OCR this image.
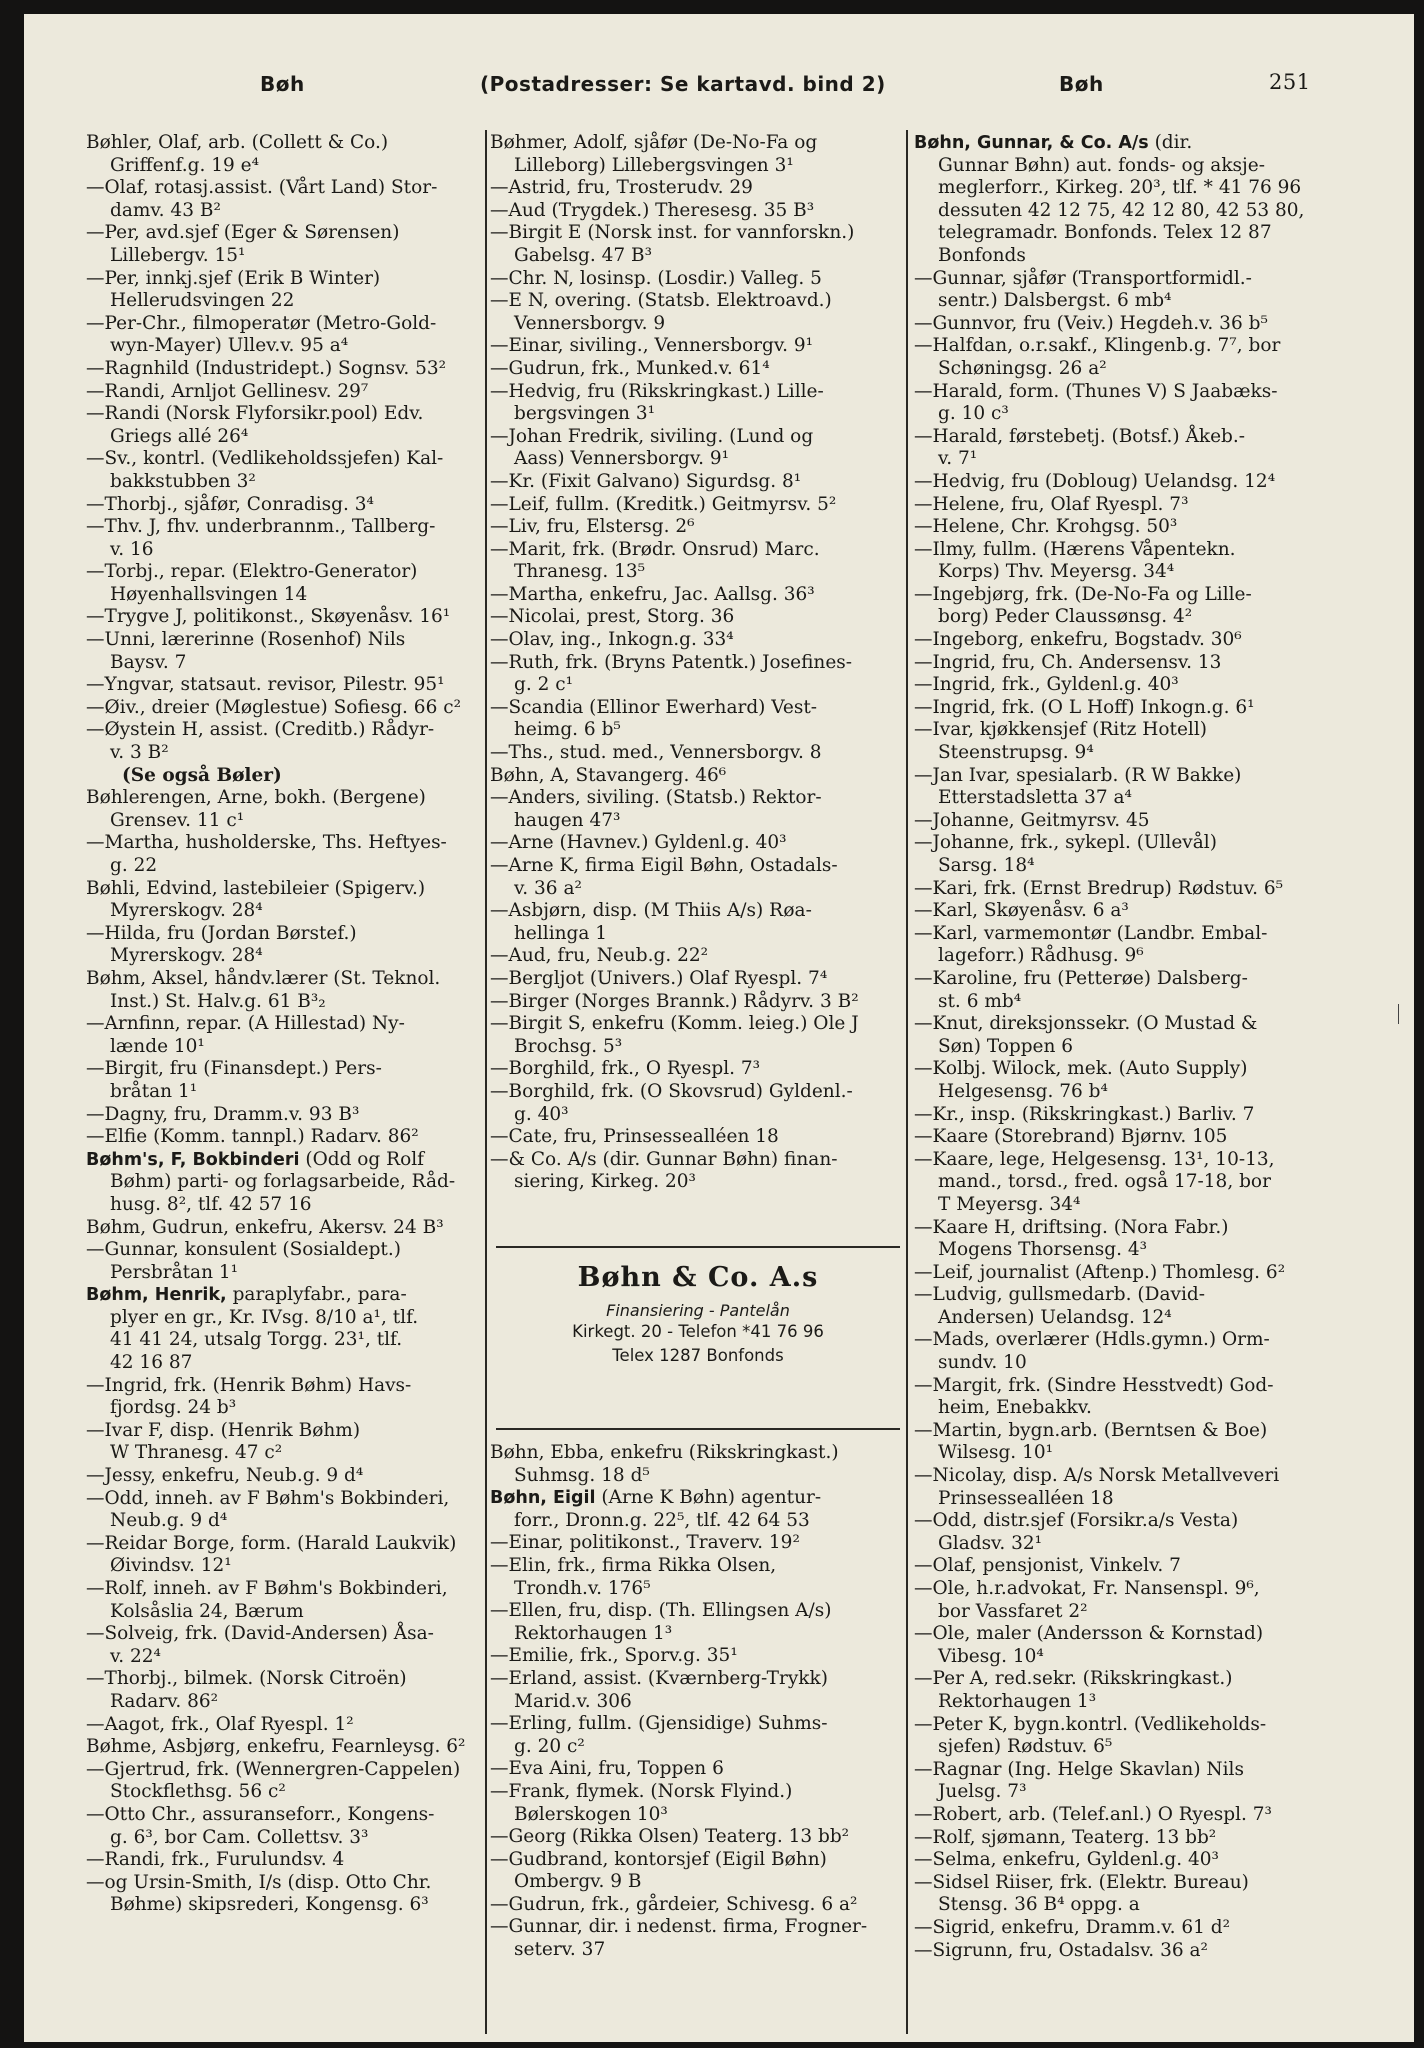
Bøh	(Postadresser: Se kartavd. bind 2)	Bøh	251
Bøhler, Olaf, arb. (Collett & Co.)
Griffenf.g. 19 e⁴
—Olaf, rotasj.assist. (Vårt Land) Stor-
damv. 43 B²
—Per, avd.sjef (Eger & Sørensen)
Lillebergv. 15¹
—Per, innkj.sjef (Erik B Winter)
Hellerudsvingen 22
—Per-Chr., filmoperatør (Metro-Gold-
wyn-Mayer) Ullev.v. 95 a⁴
—Ragnhild (Industridept.) Sognsv. 53²
—Randi, Arnljot Gellinesv. 29⁷
—Randi (Norsk Flyforsikr.pool) Edv.
Griegs allé 26⁴
—Sv., kontrl. (Vedlikeholdssjefen) Kal-
bakkstubben 3²
—Thorbj., sjåfør, Conradisg. 3⁴
—Thv. J, fhv. underbrannm., Tallberg-
v. 16
—Torbj., repar. (Elektro-Generator)
Høyenhallsvingen 14
—Trygve J, politikonst., Skøyenåsv. 16¹
—Unni, lærerinne (Rosenhof) Nils
Baysv. 7
—Yngvar, statsaut. revisor, Pilestr. 95¹
—Øiv., dreier (Møglestue) Sofiesg. 66 c²
—Øystein H, assist. (Creditb.) Rådyr-
v. 3 B²
(Se også Bøler)
Bøhlerengen, Arne, bokh. (Bergene)
Grensev. 11 c¹
—Martha, husholderske, Ths. Heftyes-
g. 22
Bøhli, Edvind, lastebileier (Spigerv.)
Myrerskogv. 28⁴
—Hilda, fru (Jordan Børstef.)
Myrerskogv. 28⁴
Bøhm, Aksel, håndv.lærer (St. Teknol.
Inst.) St. Halv.g. 61 B³₂
—Arnfinn, repar. (A Hillestad) Ny-
lænde 10¹
—Birgit, fru (Finansdept.) Pers-
bråtan 1¹
—Dagny, fru, Dramm.v. 93 B³
—Elfie (Komm. tannpl.) Radarv. 86²
Bøhm's, F, Bokbinderi (Odd og Rolf
Bøhm) parti- og forlagsarbeide, Råd-
husg. 8², tlf. 42 57 16
Bøhm, Gudrun, enkefru, Akersv. 24 B³
—Gunnar, konsulent (Sosialdept.)
Persbråtan 1¹
Bøhm, Henrik, paraplyfabr., para-
plyer en gr., Kr. IVsg. 8/10 a¹, tlf.
41 41 24, utsalg Torgg. 23¹, tlf.
42 16 87
—Ingrid, frk. (Henrik Bøhm) Havs-
fjordsg. 24 b³
—Ivar F, disp. (Henrik Bøhm)
W Thranesg. 47 c²
—Jessy, enkefru, Neub.g. 9 d⁴
—Odd, inneh. av F Bøhm's Bokbinderi,
Neub.g. 9 d⁴
—Reidar Borge, form. (Harald Laukvik)
Øivindsv. 12¹
—Rolf, inneh. av F Bøhm's Bokbinderi,
Kolsåslia 24, Bærum
—Solveig, frk. (David-Andersen) Åsa-
v. 22⁴
—Thorbj., bilmek. (Norsk Citroën)
Radarv. 86²
—Aagot, frk., Olaf Ryespl. 1²
Bøhme, Asbjørg, enkefru, Fearnleysg. 6²
—Gjertrud, frk. (Wennergren-Cappelen)
Stockflethsg. 56 c²
—Otto Chr., assuranseforr., Kongens-
g. 6³, bor Cam. Collettsv. 3³
—Randi, frk., Furulundsv. 4
—og Ursin-Smith, I/s (disp. Otto Chr.
Bøhme) skipsrederi, Kongensg. 6³
Bøhmer, Adolf, sjåfør (De-No-Fa og
Lilleborg) Lillebergsvingen 3¹
—Astrid, fru, Trosterudv. 29
—Aud (Trygdek.) Theresesg. 35 B³
—Birgit E (Norsk inst. for vannforskn.)
Gabelsg. 47 B³
—Chr. N, losinsp. (Losdir.) Valleg. 5
—E N, overing. (Statsb. Elektroavd.)
Vennersborgv. 9
—Einar, siviling., Vennersborgv. 9¹
—Gudrun, frk., Munked.v. 61⁴
—Hedvig, fru (Rikskringkast.) Lille-
bergsvingen 3¹
—Johan Fredrik, siviling. (Lund og
Aass) Vennersborgv. 9¹
—Kr. (Fixit Galvano) Sigurdsg. 8¹
—Leif, fullm. (Kreditk.) Geitmyrsv. 5²
—Liv, fru, Elstersg. 2⁶
—Marit, frk. (Brødr. Onsrud) Marc.
Thranesg. 13⁵
—Martha, enkefru, Jac. Aallsg. 36³
—Nicolai, prest, Storg. 36
—Olav, ing., Inkogn.g. 33⁴
—Ruth, frk. (Bryns Patentk.) Josefines-
g. 2 c¹
—Scandia (Ellinor Ewerhard) Vest-
heimg. 6 b⁵
—Ths., stud. med., Vennersborgv. 8
Bøhn, A, Stavangerg. 46⁶
—Anders, siviling. (Statsb.) Rektor-
haugen 47³
—Arne (Havnev.) Gyldenl.g. 40³
—Arne K, firma Eigil Bøhn, Ostadals-
v. 36 a²
—Asbjørn, disp. (M Thiis A/s) Røa-
hellinga 1
—Aud, fru, Neub.g. 22²
—Bergljot (Univers.) Olaf Ryespl. 7⁴
—Birger (Norges Brannk.) Rådyrv. 3 B²
—Birgit S, enkefru (Komm. leieg.) Ole J
Brochsg. 5³
—Borghild, frk., O Ryespl. 7³
—Borghild, frk. (O Skovsrud) Gyldenl.-
g. 40³
—Cate, fru, Prinsessealléen 18
—& Co. A/s (dir. Gunnar Bøhn) finan-
siering, Kirkeg. 20³
Bøhn, Gunnar, & Co. A/s (dir.
Gunnar Bøhn) aut. fonds- og aksje-
meglerforr., Kirkeg. 20³, tlf. * 41 76 96
dessuten 42 12 75, 42 12 80, 42 53 80,
telegramadr. Bonfonds. Telex 12 87
Bonfonds
—Gunnar, sjåfør (Transportformidl.-
sentr.) Dalsbergst. 6 mb⁴
—Gunnvor, fru (Veiv.) Hegdeh.v. 36 b⁵
—Halfdan, o.r.sakf., Klingenb.g. 7⁷, bor
Schøningsg. 26 a²
—Harald, form. (Thunes V) S Jaabæks-
g. 10 c³
—Harald, førstebetj. (Botsf.) Åkeb.-
v. 7¹
—Hedvig, fru (Dobloug) Uelandsg. 12⁴
—Helene, fru, Olaf Ryespl. 7³
—Helene, Chr. Krohgsg. 50³
—Ilmy, fullm. (Hærens Våpentekn.
Korps) Thv. Meyersg. 34⁴
—Ingebjørg, frk. (De-No-Fa og Lille-
borg) Peder Claussønsg. 4²
—Ingeborg, enkefru, Bogstadv. 30⁶
—Ingrid, fru, Ch. Andersensv. 13
—Ingrid, frk., Gyldenl.g. 40³
—Ingrid, frk. (O L Hoff) Inkogn.g. 6¹
—Ivar, kjøkkensjef (Ritz Hotell)
Steenstrupsg. 9⁴
—Jan Ivar, spesialarb. (R W Bakke)
Etterstadsletta 37 a⁴
—Johanne, Geitmyrsv. 45
—Johanne, frk., sykepl. (Ullevål)
Sarsg. 18⁴
—Kari, frk. (Ernst Bredrup) Rødstuv. 6⁵
—Karl, Skøyenåsv. 6 a³
—Karl, varmemontør (Landbr. Embal-
lageforr.) Rådhusg. 9⁶
—Karoline, fru (Petterøe) Dalsberg-
st. 6 mb⁴
—Knut, direksjonssekr. (O Mustad &
Søn) Toppen 6
—Kolbj. Wilock, mek. (Auto Supply)
Helgesensg. 76 b⁴
—Kr., insp. (Rikskringkast.) Barliv. 7
—Kaare (Storebrand) Bjørnv. 105
—Kaare, lege, Helgesensg. 13¹, 10-13,
mand., torsd., fred. også 17-18, bor
T Meyersg. 34⁴
—Kaare H, driftsing. (Nora Fabr.)
Mogens Thorsensg. 4³
—Leif, journalist (Aftenp.) Thomlesg. 6²
—Ludvig, gullsmedarb. (David-
Andersen) Uelandsg. 12⁴
—Mads, overlærer (Hdls.gymn.) Orm-
sundv. 10
—Margit, frk. (Sindre Hesstvedt) God-
heim, Enebakkv.
—Martin, bygn.arb. (Berntsen & Boe)
Wilsesg. 10¹
—Nicolay, disp. A/s Norsk Metallveveri
Prinsessealléen 18
—Odd, distr.sjef (Forsikr.a/s Vesta)
Gladsv. 32¹
—Olaf, pensjonist, Vinkelv. 7
—Ole, h.r.advokat, Fr. Nansenspl. 9⁶,
bor Vassfaret 2²
—Ole, maler (Andersson & Kornstad)
Vibesg. 10⁴
—Per A, red.sekr. (Rikskringkast.)
Rektorhaugen 1³
—Peter K, bygn.kontrl. (Vedlikeholds-
sjefen) Rødstuv. 6⁵
—Ragnar (Ing. Helge Skavlan) Nils
Juelsg. 7³
—Robert, arb. (Telef.anl.) O Ryespl. 7³
—Rolf, sjømann, Teaterg. 13 bb²
—Selma, enkefru, Gyldenl.g. 40³
—Sidsel Riiser, frk. (Elektr. Bureau)
Stensg. 36 B⁴ oppg. a
—Sigrid, enkefru, Dramm.v. 61 d²
—Sigrunn, fru, Ostadalsv. 36 a²
Bøhn & Co. A.s
Finansiering - Pantelån
Kirkegt. 20 - Telefon *41 76 96
Telex 1287 Bonfonds
Bøhn, Ebba, enkefru (Rikskringkast.)
Suhmsg. 18 d⁵
Bøhn, Eigil (Arne K Bøhn) agentur-
forr., Dronn.g. 22⁵, tlf. 42 64 53
—Einar, politikonst., Traverv. 19²
—Elin, frk., firma Rikka Olsen,
Trondh.v. 176⁵
—Ellen, fru, disp. (Th. Ellingsen A/s)
Rektorhaugen 1³
—Emilie, frk., Sporv.g. 35¹
—Erland, assist. (Kværnberg-Trykk)
Marid.v. 306
—Erling, fullm. (Gjensidige) Suhms-
g. 20 c²
—Eva Aini, fru, Toppen 6
—Frank, flymek. (Norsk Flyind.)
Bølerskogen 10³
—Georg (Rikka Olsen) Teaterg. 13 bb²
—Gudbrand, kontorsjef (Eigil Bøhn)
Ombergv. 9 B
—Gudrun, frk., gårdeier, Schivesg. 6 a²
—Gunnar, dir. i nedenst. firma, Frogner-
seterv. 37
